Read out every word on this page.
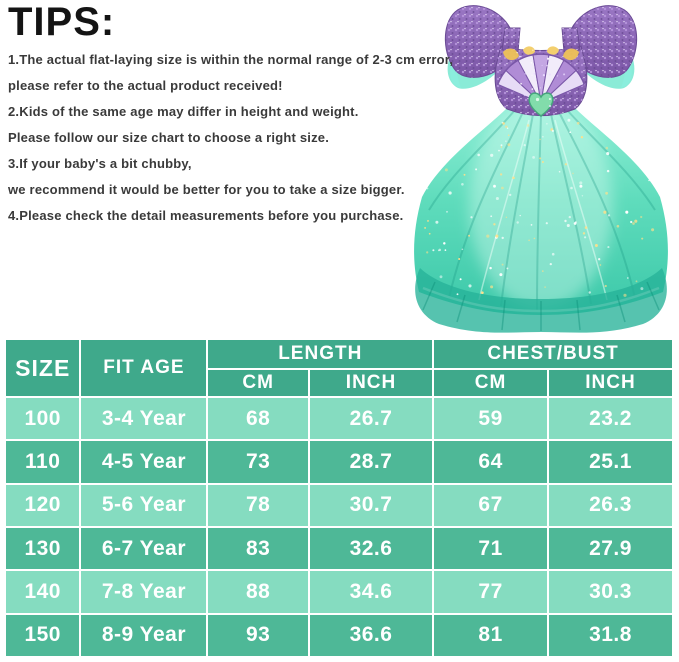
TIPS:

1.The actual flat-laying size is within the normal range of 2-3 cm error,

please refer to the actual product received!

2.Kids of the same age may differ in height and weight.

Please follow our size chart to choose a right size.

3.If your baby's a bit chubby,

we recommend it would be better for you to take a size bigger.

4.Please check the detail measurements before you purchase.

SIZE	FIT AGE	LENGTH		CHEST/BUST	
		CM	INCH	CM	INCH
100	3-4 Year	68	26.7	59	23.2
110	4-5 Year	73	28.7	64	25.1
120	5-6 Year	78	30.7	67	26.3
130	6-7 Year	83	32.6	71	27.9
140	7-8 Year	88	34.6	77	30.3
150	8-9 Year	93	36.6	81	31.8
